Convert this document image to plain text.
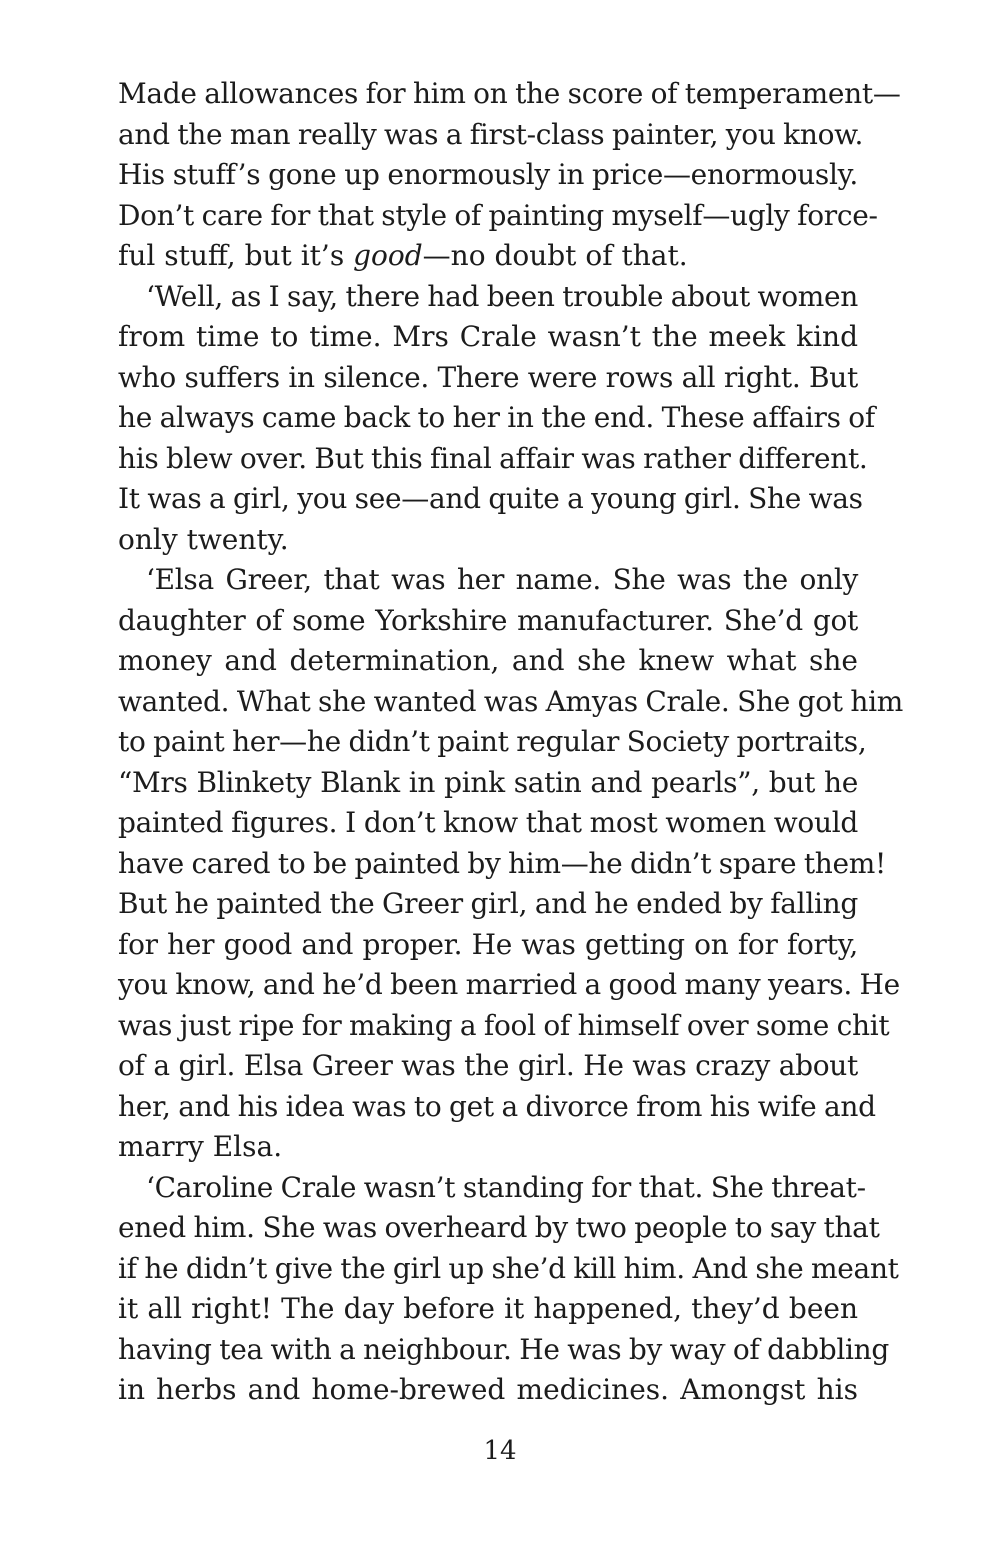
Made allowances for him on the score of temperament—
and the man really was a first-class painter, you know.
His stuff’s gone up enormously in price—enormously.
Don’t care for that style of painting myself—ugly force-
ful stuff, but it’s good—no doubt of that.

‘Well, as I say, there had been trouble about women
from time to time. Mrs Crale wasn’t the meek kind
who suffers in silence. There were rows all right. But
he always came back to her in the end. These affairs of
his blew over. But this final affair was rather different.
It was a girl, you see—and quite a young girl. She was
only twenty.

‘Elsa Greer, that was her name. She was the only
daughter of some Yorkshire manufacturer. She’d got
money and determination, and she knew what she
wanted. What she wanted was Amyas Crale. She got him
to paint her—he didn’t paint regular Society portraits,
“Mrs Blinkety Blank in pink satin and pearls”, but he
painted figures. I don’t know that most women would
have cared to be painted by him—he didn’t spare them!
But he painted the Greer girl, and he ended by falling
for her good and proper. He was getting on for forty,
you know, and he’d been married a good many years. He
was just ripe for making a fool of himself over some chit
of a girl. Elsa Greer was the girl. He was crazy about
her, and his idea was to get a divorce from his wife and
marry Elsa.

‘Caroline Crale wasn’t standing for that. She threat-
ened him. She was overheard by two people to say that
if he didn’t give the girl up she’d kill him. And she meant
it all right! The day before it happened, they’d been
having tea with a neighbour. He was by way of dabbling
in herbs and home-brewed medicines. Amongst his

14
